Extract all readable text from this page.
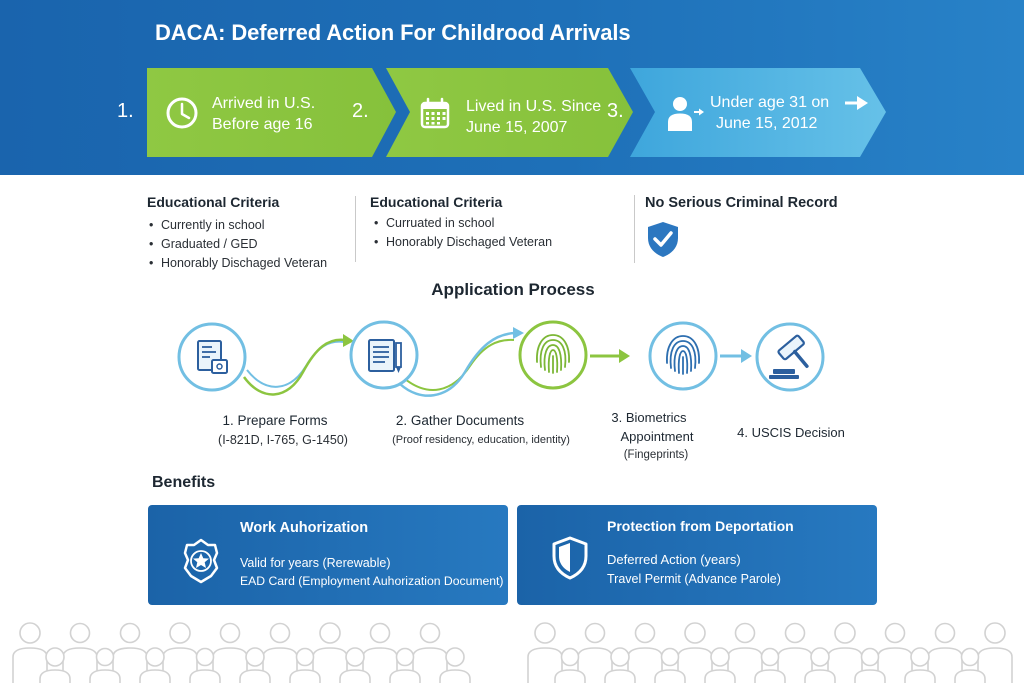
DACA: Deferred Action For Childrood Arrivals
1.	Arrived in U.S.
Before age 16
2.	Lived in U.S. Since
June 15, 2007
3.	Under age 31 on
June 15, 2012
Educational Criteria
• Currently in school
• Graduated / GED
• Honorably Dischaged Veteran
Educational Criteria
• Curruated in school
• Honorably Dischaged Veteran
No Serious Criminal Record
Application Process
1. Prepare Forms
(I-821D, I-765, G-1450)
2. Gather Documents
(Proof residency, education, identity)
3. Biometrics
Appointment
(Fingeprints)
4. USCIS Decision
Benefits
Work Auhorization
Valid for years (Rerewable)
EAD Card (Employment Auhorization Document)
Protection from Deportation
Deferred Action (years)
Travel Permit (Advance Parole)
